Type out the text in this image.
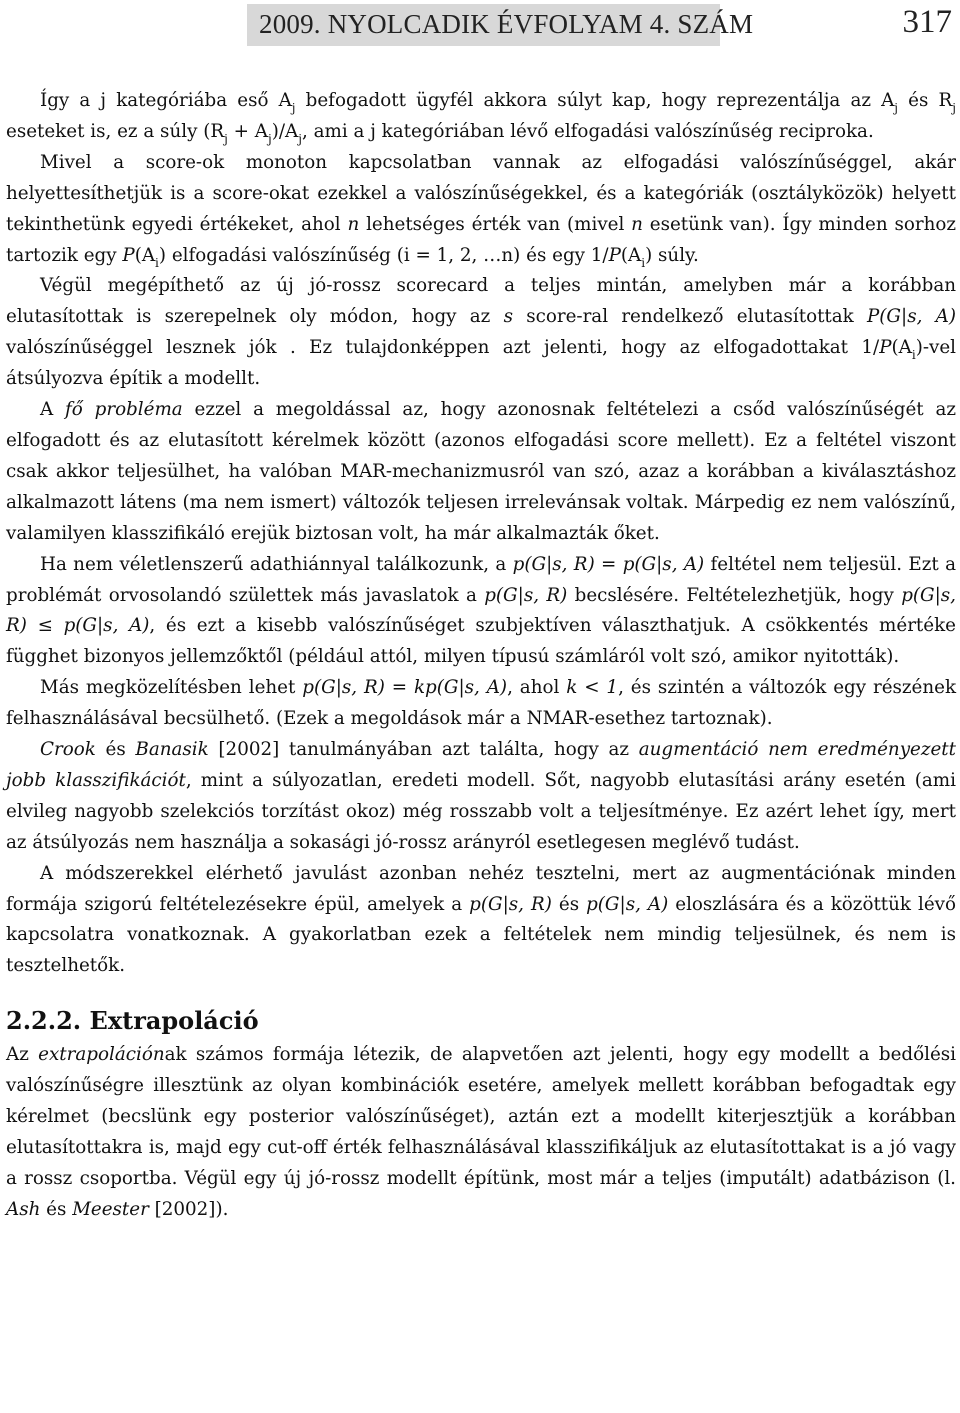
2009. NYOLCADIK ÉVFOLYAM 4. SZÁM	317

Így a j kategóriába eső $A_j$ befogadott ügyfél akkora súlyt kap, hogy reprezentálja az $A_j$ és $R_j$ eseteket is, ez a súly $(R_j + A_j)/A_j$, ami a j kategóriában lévő elfogadási valószínűség reciproka.

Mivel a score-ok monoton kapcsolatban vannak az elfogadási valószínűséggel, akár helyettesíthetjük is a score-okat ezekkel a valószínűségekkel, és a kategóriák (osztályközök) helyett tekinthetünk egyedi értékeket, ahol n lehetséges érték van (mivel n esetünk van). Így minden sorhoz tartozik egy $P(A_i)$ elfogadási valószínűség (i = 1, 2, …n) és egy $1/P(A_i)$ súly.

Végül megépíthető az új jó-rossz scorecard a teljes mintán, amelyben már a korábban elutasítottak is szerepelnek oly módon, hogy az s score-ral rendelkező elutasítottak P(G|s, A) valószínűséggel lesznek jók . Ez tulajdonképpen azt jelenti, hogy az elfogadottakat $1/P(A_i)$-vel átsúlyozva építik a modellt.

A fő probléma ezzel a megoldással az, hogy azonosnak feltételezi a csőd valószínűségét az elfogadott és az elutasított kérelmek között (azonos elfogadási score mellett). Ez a feltétel viszont csak akkor teljesülhet, ha valóban MAR-mechanizmusról van szó, azaz a korábban a kiválasztáshoz alkalmazott látens (ma nem ismert) változók teljesen irrelevánsak voltak. Márpedig ez nem valószínű, valamilyen klasszifikáló erejük biztosan volt, ha már alkalmazták őket.

Ha nem véletlenszerű adathiánnyal találkozunk, a p(G|s, R) = p(G|s, A) feltétel nem teljesül. Ezt a problémát orvosolandó születtek más javaslatok a p(G|s, R) becslésére. Feltételezhetjük, hogy p(G|s, R) ≤ p(G|s, A), és ezt a kisebb valószínűséget szubjektíven választhatjuk. A csökkentés mértéke függhet bizonyos jellemzőktől (például attól, milyen típusú számláról volt szó, amikor nyitották).

Más megközelítésben lehet p(G|s, R) = kp(G|s, A), ahol k < 1, és szintén a változók egy részének felhasználásával becsülhető. (Ezek a megoldások már a NMAR-esethez tartoznak).

Crook és Banasik [2002] tanulmányában azt találta, hogy az augmentáció nem eredményezett jobb klasszifikációt, mint a súlyozatlan, eredeti modell. Sőt, nagyobb elutasítási arány esetén (ami elvileg nagyobb szelekciós torzítást okoz) még rosszabb volt a teljesítménye. Ez azért lehet így, mert az átsúlyozás nem használja a sokasági jó-rossz arányról esetlegesen meglévő tudást.

A módszerekkel elérhető javulást azonban nehéz tesztelni, mert az augmentációnak minden formája szigorú feltételezésekre épül, amelyek a p(G|s, R) és p(G|s, A) eloszlására és a közöttük lévő kapcsolatra vonatkoznak. A gyakorlatban ezek a feltételek nem mindig teljesülnek, és nem is tesztelhetők.

2.2.2. Extrapoláció

Az extrapolációnak számos formája létezik, de alapvetően azt jelenti, hogy egy modellt a bedőlési valószínűségre illesztünk az olyan kombinációk esetére, amelyek mellett korábban befogadtak egy kérelmet (becslünk egy posterior valószínűséget), aztán ezt a modellt kiterjesztjük a korábban elutasítottakra is, majd egy cut-off érték felhasználásával klasszifikáljuk az elutasítottakat is a jó vagy a rossz csoportba. Végül egy új jó-rossz modellt építünk, most már a teljes (imputált) adatbázison (l. Ash és Meester [2002]).
